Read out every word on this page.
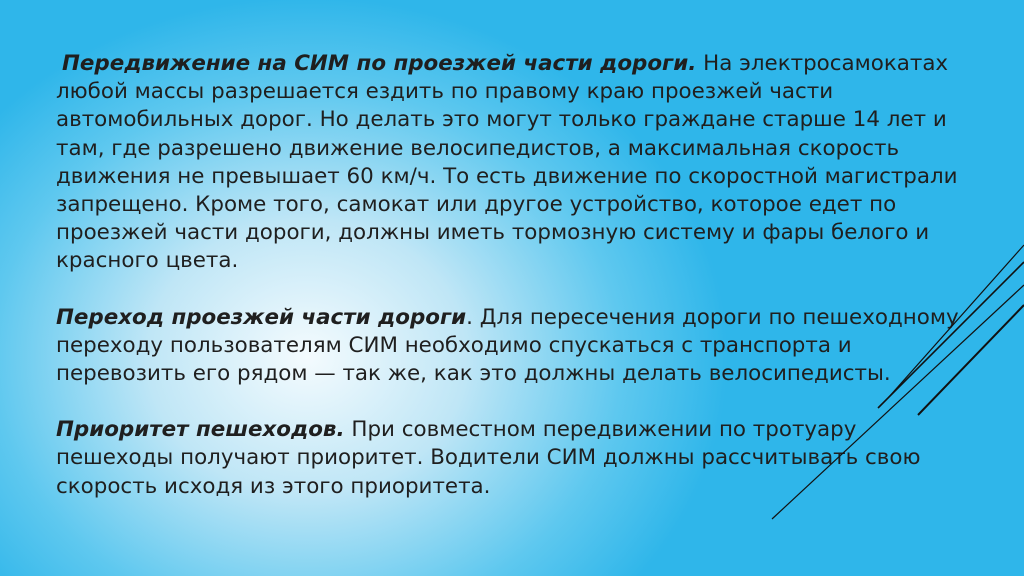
Передвижение на СИМ по проезжей части дороги. На электросамокатах любой массы разрешается ездить по правому краю проезжей части автомобильных дорог. Но делать это могут только граждане старше 14 лет и там, где разрешено движение велосипедистов, а максимальная скорость движения не превышает 60 км/ч. То есть движение по скоростной магистрали запрещено. Кроме того, самокат или другое устройство, которое едет по проезжей части дороги, должны иметь тормозную систему и фары белого и красного цвета.

Переход проезжей части дороги. Для пересечения дороги по пешеходному переходу пользователям СИМ необходимо спускаться с транспорта и перевозить его рядом — так же, как это должны делать велосипедисты.

Приоритет пешеходов. При совместном передвижении по тротуару пешеходы получают приоритет. Водители СИМ должны рассчитывать свою скорость исходя из этого приоритета.
